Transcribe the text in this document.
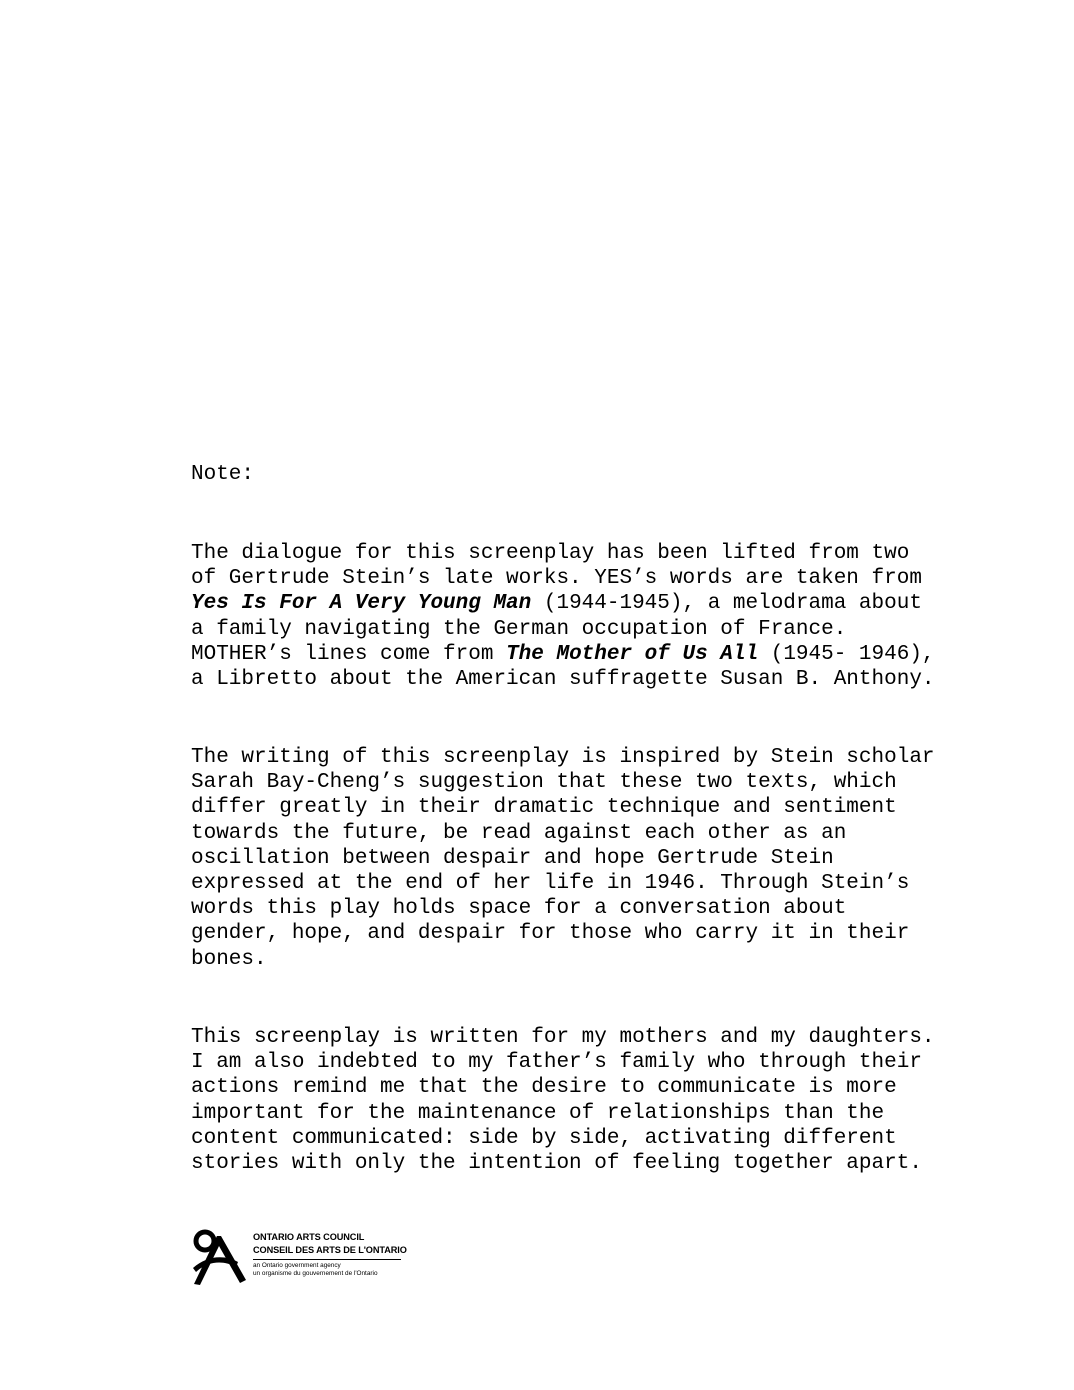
Note:
The dialogue for this screenplay has been lifted from two
of Gertrude Stein’s late works. YES’s words are taken from
Yes Is For A Very Young Man (1944-1945), a melodrama about
a family navigating the German occupation of France.
MOTHER’s lines come from The Mother of Us All (1945- 1946),
a Libretto about the American suffragette Susan B. Anthony.
The writing of this screenplay is inspired by Stein scholar
Sarah Bay-Cheng’s suggestion that these two texts, which
differ greatly in their dramatic technique and sentiment
towards the future, be read against each other as an
oscillation between despair and hope Gertrude Stein
expressed at the end of her life in 1946. Through Stein’s
words this play holds space for a conversation about
gender, hope, and despair for those who carry it in their
bones.
This screenplay is written for my mothers and my daughters.
I am also indebted to my father’s family who through their
actions remind me that the desire to communicate is more
important for the maintenance of relationships than the
content communicated: side by side, activating different
stories with only the intention of feeling together apart.
ONTARIO ARTS COUNCIL
CONSEIL DES ARTS DE L'ONTARIO
an Ontario government agency
un organisme du gouvernement de l'Ontario
